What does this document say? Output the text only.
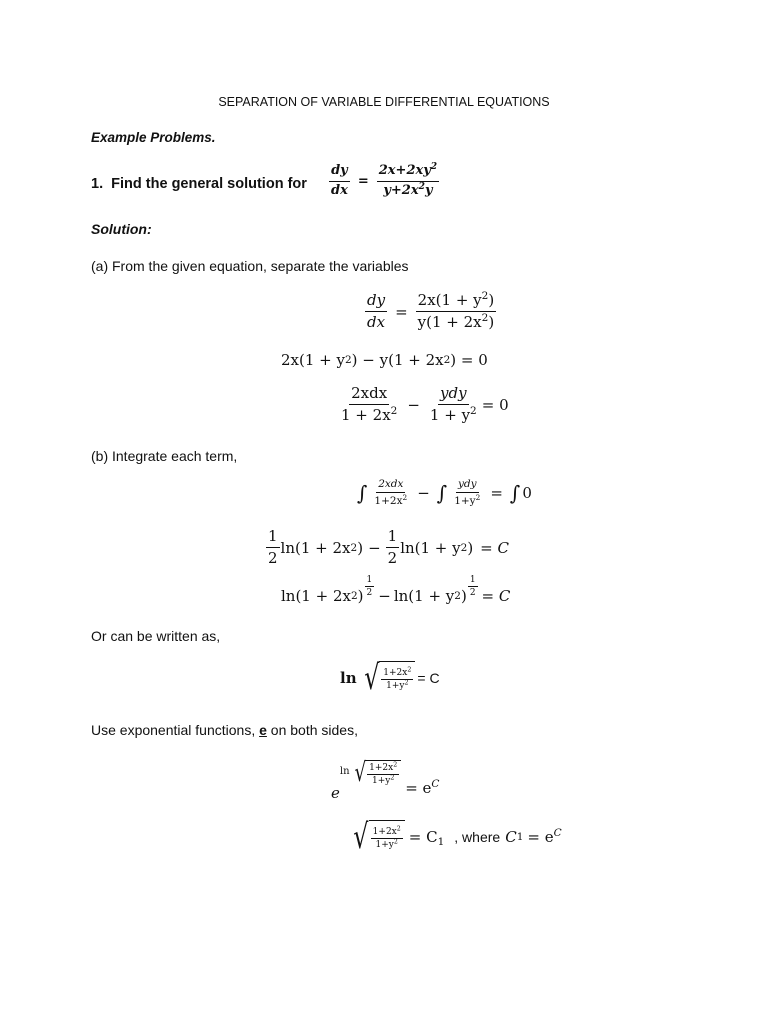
SEPARATION OF VARIABLE DIFFERENTIAL EQUATIONS
Example Problems.
1. Find the general solution for $\frac{dy}{dx} = \frac{2x+2xy^2}{y+2x^2y}$
Solution:
(a) From the given equation, separate the variables
$\frac{dy}{dx} = \frac{2x(1 + y^2)}{y(1 + 2x^2)}$
2x(1 + y 2 ) − y(1 + 2x 2 ) = 0
$\frac{\text{2xdx}}{1 + 2x^2} - \frac{\text{ydy}}{1 + y^2} = 0$
(b) Integrate each term,
∫ $\frac{\text{2xdx}}{1+2x^2}$ − ∫ $\frac{\text{ydy}}{1+y^2}$ = ∫ 0
$\frac{1}{2} \ln(1 + 2x$ 2 ) − $\frac{1}{2} \ln(1 + y$ 2 ) = C
ln(1 + 2x 2 ) $\frac{1}{2} - \ln(1 + y$ 2 ) $\frac{1}{2} = C$
Or can be written as,
ln √ $\frac{1+2x^2}{1+y^2} = C$
Use exponential functions, e on both sides,
e
ln √ $\frac{1+2x^2}{1+y^2}$
= $e^C$
√ $\frac{1+2x^2}{1+y^2} = C_1$ , where C $1 = e^C$
